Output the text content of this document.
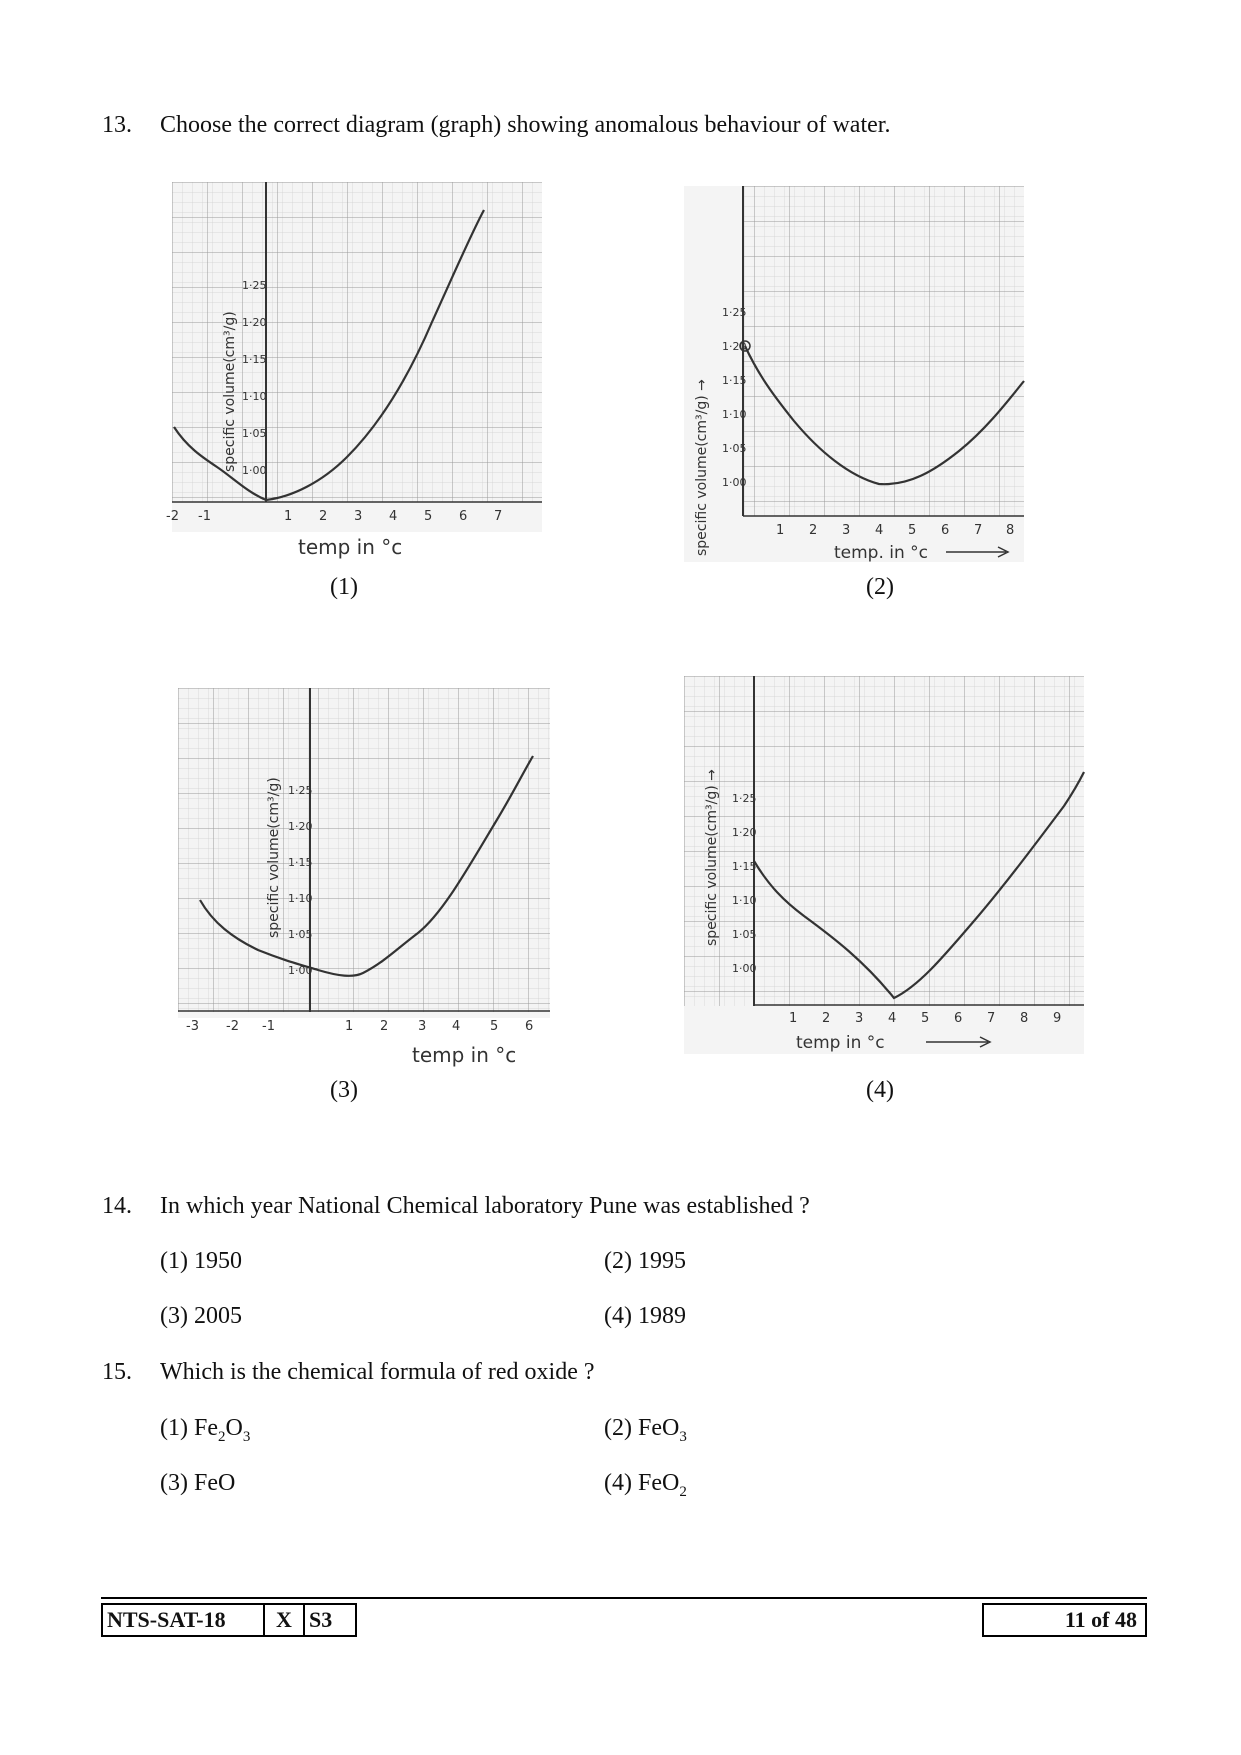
13. Choose the correct diagram (graph) showing anomalous behaviour of water.
1·00
1·05
1·10
1·15
1·20
1·25
specific volume(cm³/g)
-2 -1	1 2 3 4 5 6 7
temp in °c
(1)
1·00
1·05
1·10
1·15
1·20
1·25
specific volume(cm³/g) →	1 2 3 4 5 6 7 8
temp. in °c
(2)
1·00
1·05
1·10
1·15
1·20
1·25
specific volume(cm³/g)
-3 -2 -1	1 2 3 4 5 6
temp in °c
(3)
1·00
1·05
1·10
1·15
1·20
1·25
specific volume(cm³/g) →
1 2 3 4 5 6 7 8 9
temp in °c
(4)
14. In which year National Chemical laboratory Pune was established ?
(1) 1950	(2) 1995
(3) 2005	(4) 1989
15. Which is the chemical formula of red oxide ?
(1) $Fe_2O_3$	(2) FeO$_3$
(3) FeO	(4) FeO$_2$
NTS-SAT-18 X S3	11 of 48
